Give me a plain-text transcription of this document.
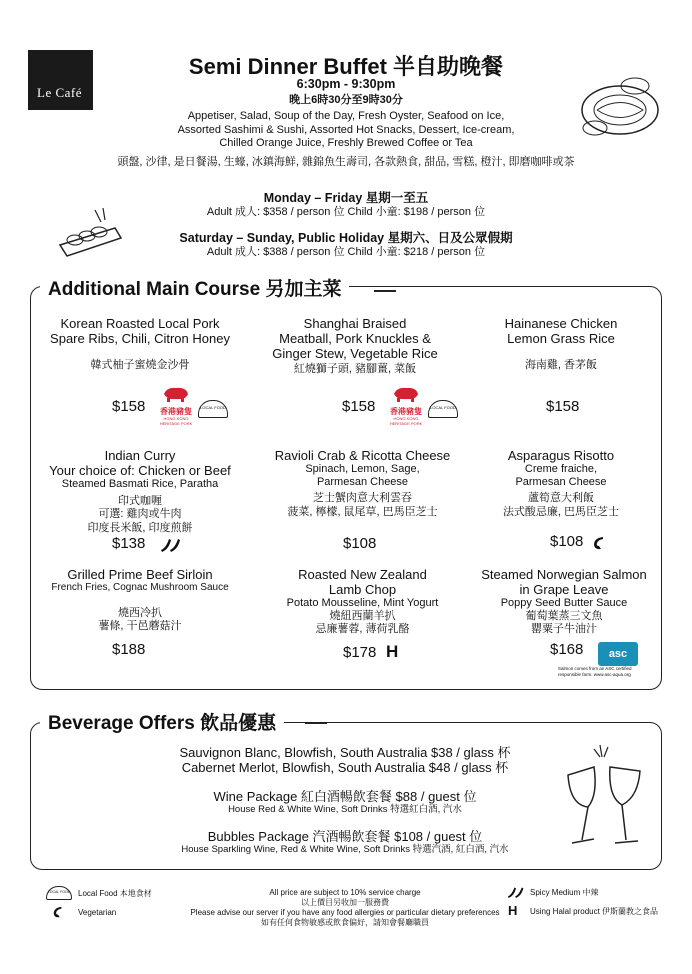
Le Café
Semi Dinner Buffet 半自助晚餐
6:30pm - 9:30pm
晚上6時30分至9時30分
Appetiser, Salad, Soup of the Day, Fresh Oyster, Seafood on Ice,
Assorted Sashimi & Sushi, Assorted Hot Snacks, Dessert, Ice-cream,
Chilled Orange Juice, Freshly Brewed Coffee or Tea
頭盤, 沙律, 是日餐湯, 生蠔, 冰鎮海鮮, 雜錦魚生壽司, 各款熱食, 甜品, 雪糕, 橙汁, 即磨咖啡或茶
Monday – Friday 星期一至五
Adult 成人: $358 / person 位 Child 小童: $198 / person 位
Saturday – Sunday, Public Holiday 星期六、日及公眾假期
Adult 成人: $388 / person 位 Child 小童: $218 / person 位
Additional Main Course 另加主菜
Korean Roasted Local Pork
Spare Ribs, Chili, Citron Honey
韓式柚子蜜燒金沙骨
$158
Shanghai Braised
Meatball, Pork Knuckles &
Ginger Stew, Vegetable Rice
紅燒獅子頭, 豬腳薑, 菜飯
$158
Hainanese Chicken
Lemon Grass Rice
海南雞, 香茅飯
$158
香港豬隻
HONG KONG HERITAGE PORK
LOCAL FOOD	香港豬隻
HONG KONG HERITAGE PORK
LOCAL FOOD
Indian Curry
Your choice of: Chicken or Beef
Steamed Basmati Rice, Paratha
印式咖喱
可選: 雞肉或牛肉
印度長米飯, 印度煎餅
$138
Ravioli Crab & Ricotta Cheese
Spinach, Lemon, Sage,
Parmesan Cheese
芝士蟹肉意大利雲吞
菠菜, 檸檬, 鼠尾草, 巴馬臣芝士
$108
Asparagus Risotto
Creme fraiche,
Parmesan Cheese
蘆筍意大利飯
法式酸忌廉, 巴馬臣芝士
$108
Grilled Prime Beef Sirloin
French Fries, Cognac Mushroom Sauce
燒西冷扒
薯條, 干邑蘑菇汁
$188
Roasted New Zealand
Lamb Chop
Potato Mousseline, Mint Yogurt
燒紐西蘭羊扒
忌廉薯蓉, 薄荷乳酪
$178 H
Steamed Norwegian Salmon
in Grape Leave
Poppy Seed Butter Sauce
葡萄葉蒸三文魚
罌粟子牛油汁
$168	asc
Salmon comes from an ASC certified
responsible farm. www.asc-aqua.org
Beverage Offers 飲品優惠
Sauvignon Blanc, Blowfish, South Australia $38 / glass 杯
Cabernet Merlot, Blowfish, South Australia $48 / glass 杯
Wine Package 紅白酒暢飲套餐 $88 / guest 位
House Red & White Wine, Soft Drinks 特選紅白酒, 汽水
Bubbles Package 汽酒暢飲套餐 $108 / guest 位
House Sparkling Wine, Red & White Wine, Soft Drinks 特選汽酒, 紅白酒, 汽水
LOCAL FOOD Local Food 本地食材
Vegetarian
All price are subject to 10% service charge
以上價目另收加一服務費
Please advise our server if you have any food allergies or particular dietary preferences
如有任何食物敏感或飲食偏好，請知會餐廳職員
Spicy Medium 中辣
H Using Halal product 伊斯蘭教之食品
